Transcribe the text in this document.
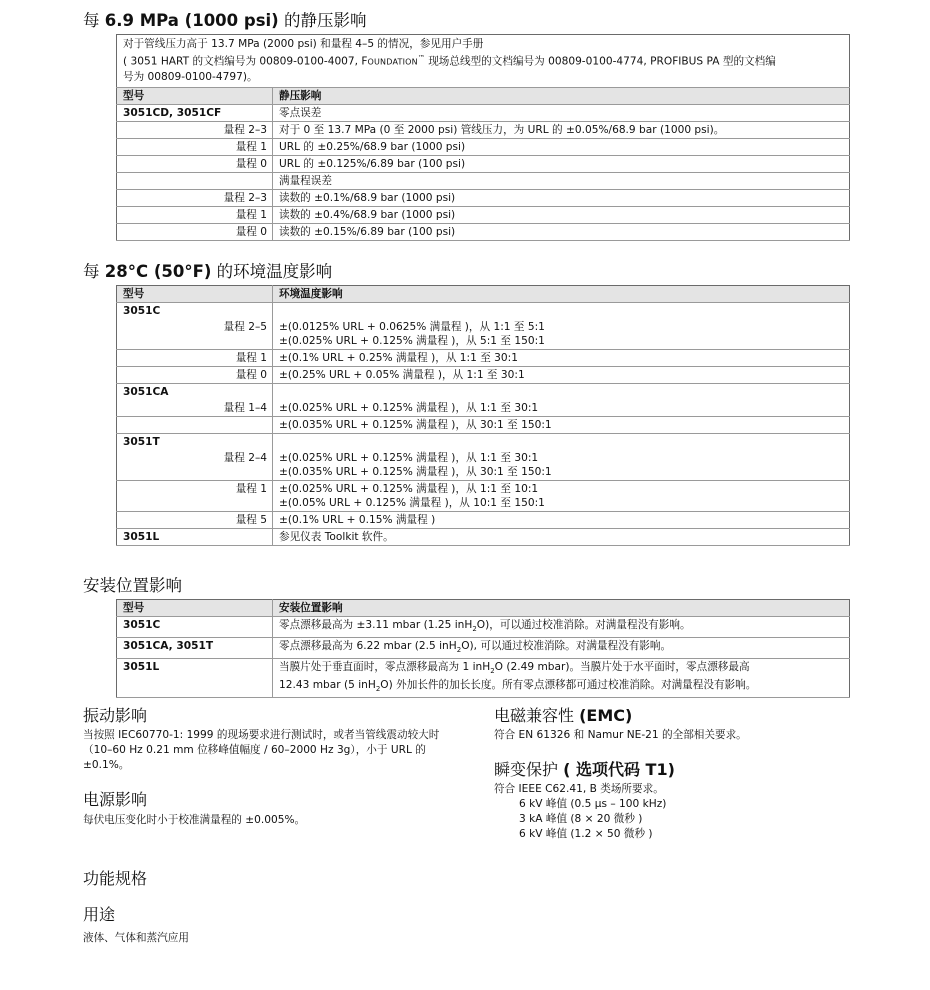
每 6.9 MPa (1000 psi) 的静压影响
对于管线压力高于 13.7 MPa (2000 psi) 和量程 4–5 的情况，参见用户手册
( 3051 HART 的文档编号为 00809-0100-4007, FOUNDATION™ 现场总线型的文档编号为 00809-0100-4774, PROFIBUS PA 型的文档编
号为 00809-0100-4797)。	

型号	静压影响
3051CD, 3051CF	零点误差
量程 2–3	对于 0 至 13.7 MPa (0 至 2000 psi) 管线压力，为 URL 的 ±0.05%/68.9 bar (1000 psi)。
量程 1	URL 的 ±0.25%/68.9 bar (1000 psi)
量程 0	URL 的 ±0.125%/6.89 bar (100 psi)
	满量程误差
量程 2–3	读数的 ±0.1%/68.9 bar (1000 psi)
量程 1	读数的 ±0.4%/68.9 bar (1000 psi)
量程 0	读数的 ±0.15%/6.89 bar (100 psi)
每 28°C (50°F) 的环境温度影响
型号	环境温度影响
3051C	
量程 2–5	±(0.0125% URL + 0.0625% 满量程 )，从 1:1 至 5:1
±(0.025% URL + 0.125% 满量程 )，从 5:1 至 150:1

量程 1	±(0.1% URL + 0.25% 满量程 )，从 1:1 至 30:1
量程 0	±(0.25% URL + 0.05% 满量程 )，从 1:1 至 30:1
3051CA	
量程 1–4	±(0.025% URL + 0.125% 满量程 )，从 1:1 至 30:1
	±(0.035% URL + 0.125% 满量程 )，从 30:1 至 150:1
3051T	
量程 2–4	±(0.025% URL + 0.125% 满量程 )，从 1:1 至 30:1
±(0.035% URL + 0.125% 满量程 )，从 30:1 至 150:1

量程 1	±(0.025% URL + 0.125% 满量程 )，从 1:1 至 10:1
±(0.05% URL + 0.125% 满量程 )，从 10:1 至 150:1

量程 5	±(0.1% URL + 0.15% 满量程 )
3051L	参见仪表 Toolkit 软件。
安装位置影响
型号	安装位置影响
3051C	零点漂移最高为 ±3.11 mbar (1.25 inH$_2$O)，可以通过校准消除。对满量程没有影响。
3051CA, 3051T	零点漂移最高为 6.22 mbar (2.5 inH$_2$O), 可以通过校准消除。对满量程没有影响。
3051L	当膜片处于垂直面时，零点漂移最高为 1 inH$_2$O (2.49 mbar)。当膜片处于水平面时，零点漂移最高
12.43 mbar (5 inH$_2$O) 外加长件的加长长度。所有零点漂移都可通过校准消除。对满量程没有影响。
振动影响
当按照 IEC60770-1: 1999 的现场要求进行测试时，或者当管线震动较大时 （10–60 Hz 0.21 mm 位移峰值幅度 / 60–2000 Hz 3g），小于 URL 的 ±0.1%。
电源影响
每伏电压变化时小于校准满量程的 ±0.005%。
电磁兼容性 (EMC)
符合 EN 61326 和 Namur NE-21 的全部相关要求。
瞬变保护 ( 选项代码 T1)
符合 IEEE C62.41, B 类场所要求。
6 kV 峰值 (0.5 µs – 100 kHz)
3 kA 峰值 (8 × 20 微秒 )
6 kV 峰值 (1.2 × 50 微秒 )
功能规格
用途
液体、气体和蒸汽应用
